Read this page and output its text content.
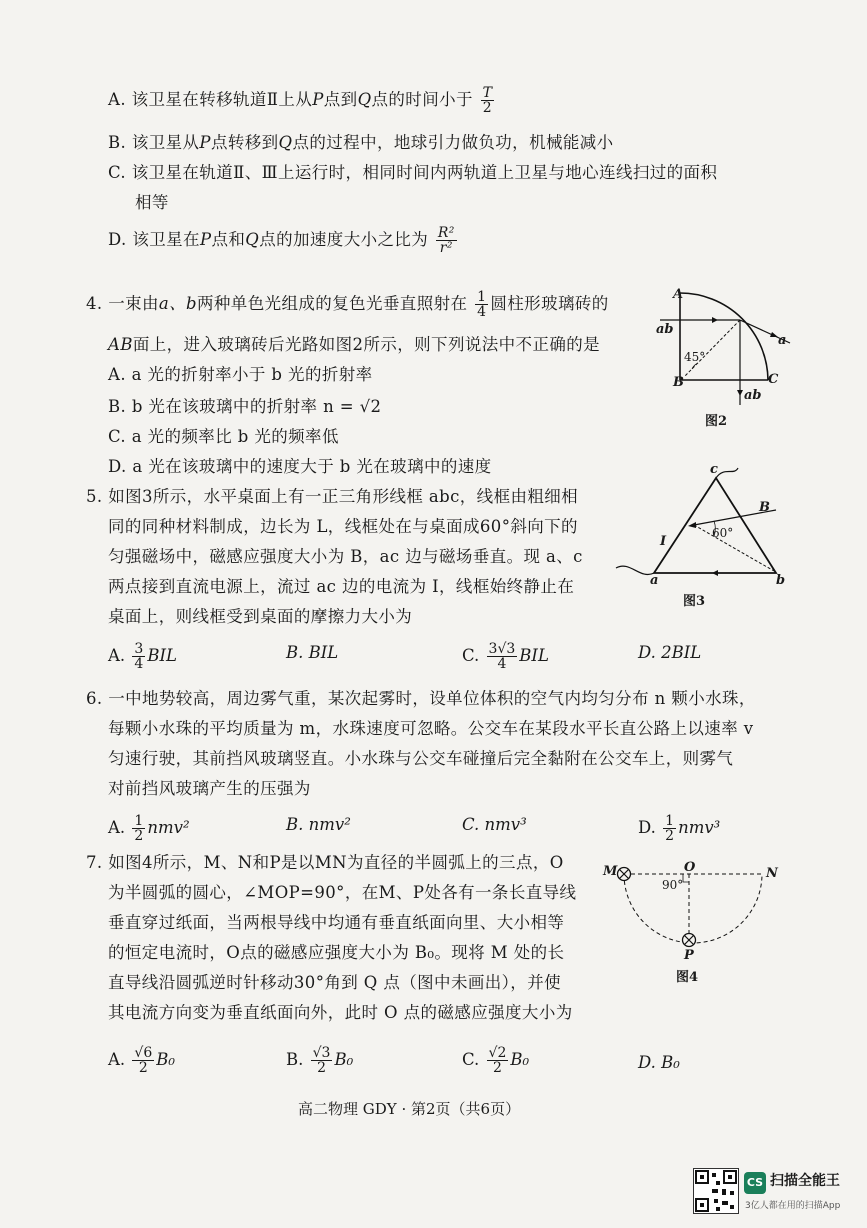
A. 该卫星在转移轨道Ⅱ上从P点到Q点的时间小于 $\frac{T}{2}$
B. 该卫星从P点转移到Q点的过程中，地球引力做负功，机械能减小
C. 该卫星在轨道Ⅱ、Ⅲ上运行时，相同时间内两轨道上卫星与地心连线扫过的面积
相等
D. 该卫星在P点和Q点的加速度大小之比为 $\frac{\text{R²}}{\text{r²}}$
4. 一束由a、b两种单色光组成的复色光垂直照射在 $\frac{1}{4}$ 圆柱形玻璃砖的
AB面上，进入玻璃砖后光路如图2所示，则下列说法中不正确的是
A. a 光的折射率小于 b 光的折射率
B. b 光在该玻璃中的折射率 n = √2
C. a 光的频率比 b 光的频率低
D. a 光在该玻璃中的速度大于 b 光在玻璃中的速度
A
B	C
ab
a
ab
45°
图2
5. 如图3所示，水平桌面上有一正三角形线框 abc，线框由粗细相
同的同种材料制成，边长为 L，线框处在与桌面成60°斜向下的
匀强磁场中，磁感应强度大小为 B，ac 边与磁场垂直。现 a、c
两点接到直流电源上，流过 ac 边的电流为 I，线框始终静止在
桌面上，则线框受到桌面的摩擦力大小为
A. $\frac{3}{4}$ BIL	B. BIL	C. $\frac{3√3}{4}$ BIL	D. 2BIL
c
a	b
B
I
60°
图3
6. 一中地势较高，周边雾气重，某次起雾时，设单位体积的空气内均匀分布 n 颗小水珠，
每颗小水珠的平均质量为 m，水珠速度可忽略。公交车在某段水平长直公路上以速率 v
匀速行驶，其前挡风玻璃竖直。小水珠与公交车碰撞后完全黏附在公交车上，则雾气
对前挡风玻璃产生的压强为
A. $\frac{1}{2} nmv^2$	B. nmv²	C. nmv³	D. $\frac{1}{2} nmv^3$
7. 如图4所示，M、N和P是以MN为直径的半圆弧上的三点，O
为半圆弧的圆心，∠MOP=90°，在M、P处各有一条长直导线
垂直穿过纸面，当两根导线中均通有垂直纸面向里、大小相等
的恒定电流时，O点的磁感应强度大小为 B₀。现将 M 处的长
直导线沿圆弧逆时针移动30°角到 Q 点（图中未画出），并使
其电流方向变为垂直纸面向外，此时 O 点的磁感应强度大小为
A. $\frac{√6}{2} B_0$	B. $\frac{√3}{2} B_0$	C. $\frac{√2}{2} B_0$	D. B₀
M	O	N
P
90°
图4
高二物理 GDY · 第2页（共6页）
CS 扫描全能王
3亿人都在用的扫描App
